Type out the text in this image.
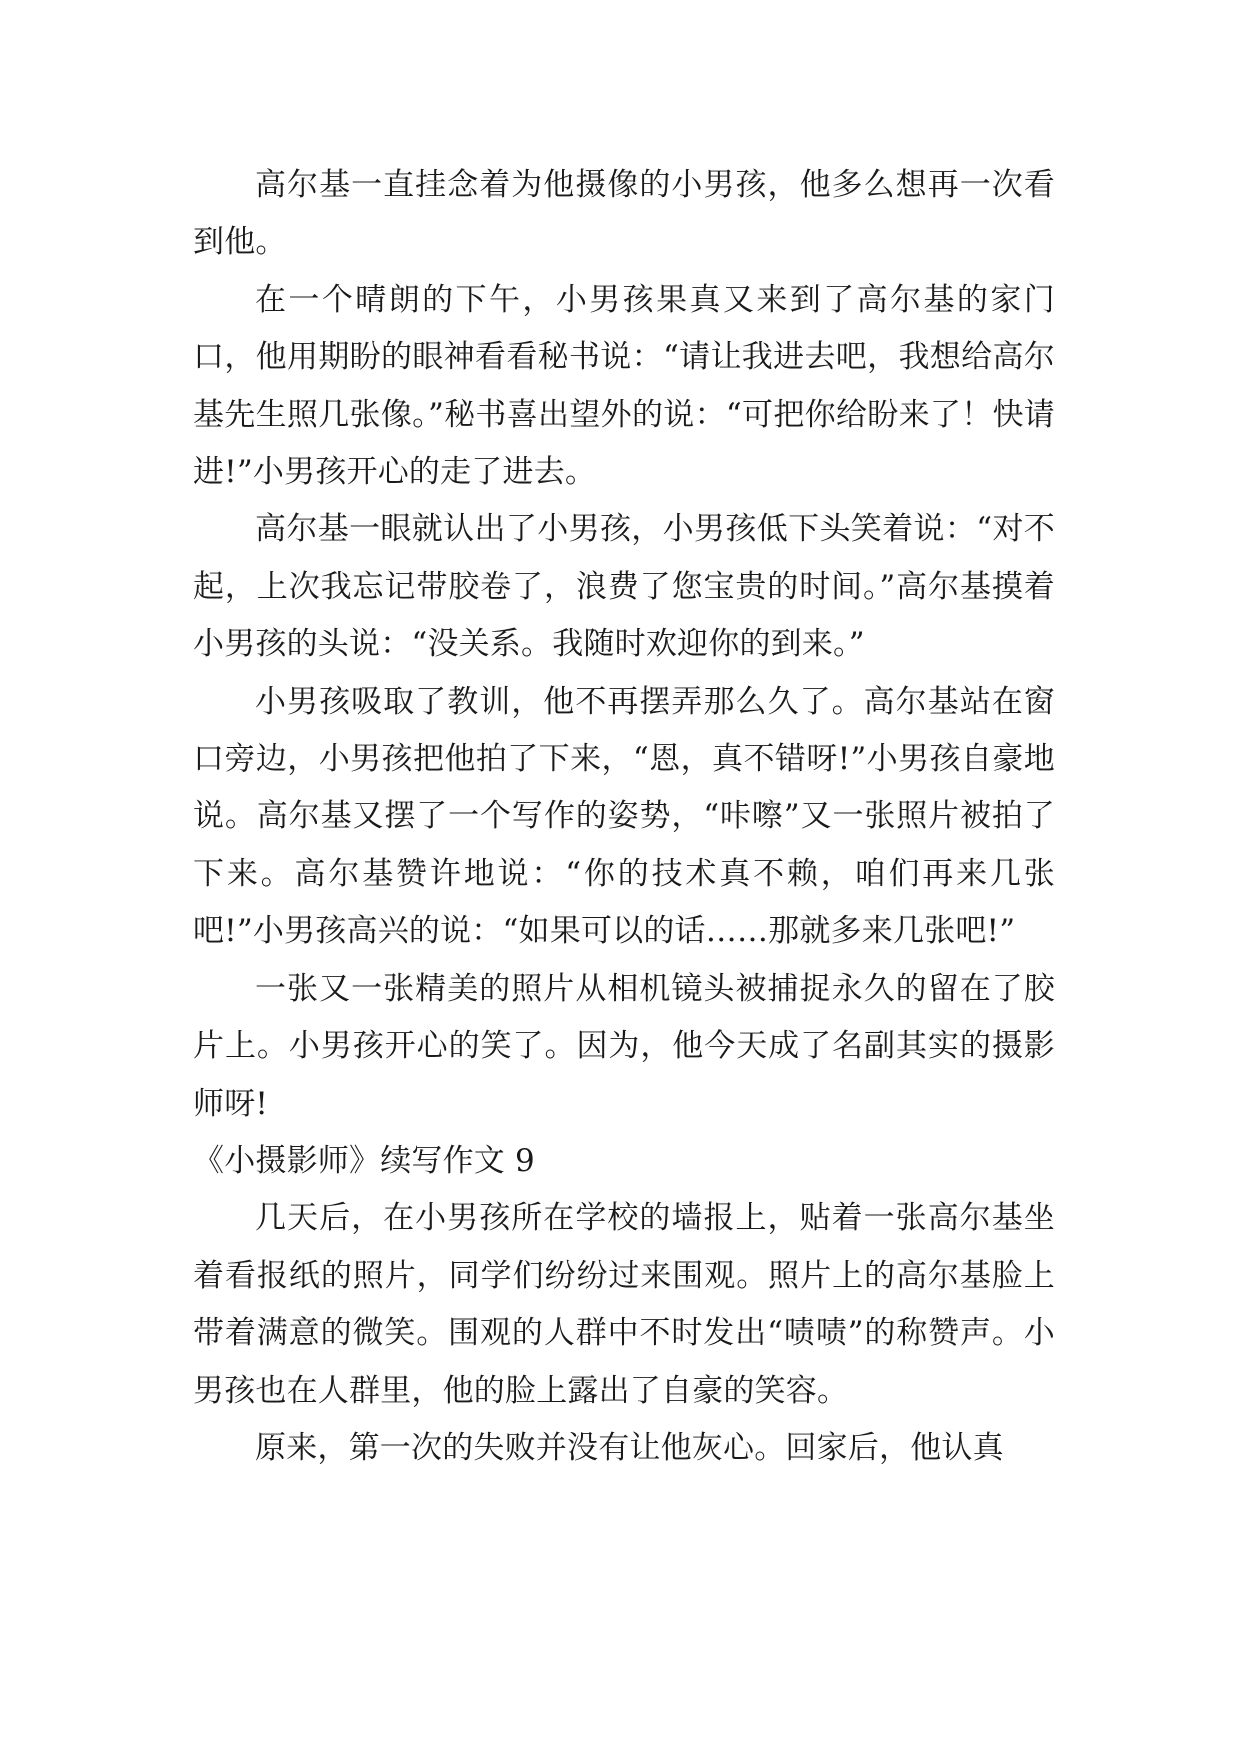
高尔基一直挂念着为他摄像的小男孩，他多么想再一次看到他。

在一个晴朗的下午，小男孩果真又来到了高尔基的家门口，他用期盼的眼神看看秘书说：“请让我进去吧，我想给高尔基先生照几张像。”秘书喜出望外的说：“可把你给盼来了！快请进!”小男孩开心的走了进去。

高尔基一眼就认出了小男孩，小男孩低下头笑着说：“对不起，上次我忘记带胶卷了，浪费了您宝贵的时间。”高尔基摸着小男孩的头说：“没关系。我随时欢迎你的到来。”

小男孩吸取了教训，他不再摆弄那么久了。高尔基站在窗口旁边，小男孩把他拍了下来，“恩，真不错呀!”小男孩自豪地说。高尔基又摆了一个写作的姿势，“咔嚓”又一张照片被拍了下来。高尔基赞许地说：“你的技术真不赖，咱们再来几张吧!”小男孩高兴的说：“如果可以的话……那就多来几张吧!”

一张又一张精美的照片从相机镜头被捕捉永久的留在了胶片上。小男孩开心的笑了。因为，他今天成了名副其实的摄影师呀!

《小摄影师》续写作文 9

几天后，在小男孩所在学校的墙报上，贴着一张高尔基坐着看报纸的照片，同学们纷纷过来围观。照片上的高尔基脸上带着满意的微笑。围观的人群中不时发出“啧啧”的称赞声。小男孩也在人群里，他的脸上露出了自豪的笑容。

原来，第一次的失败并没有让他灰心。回家后，他认真
